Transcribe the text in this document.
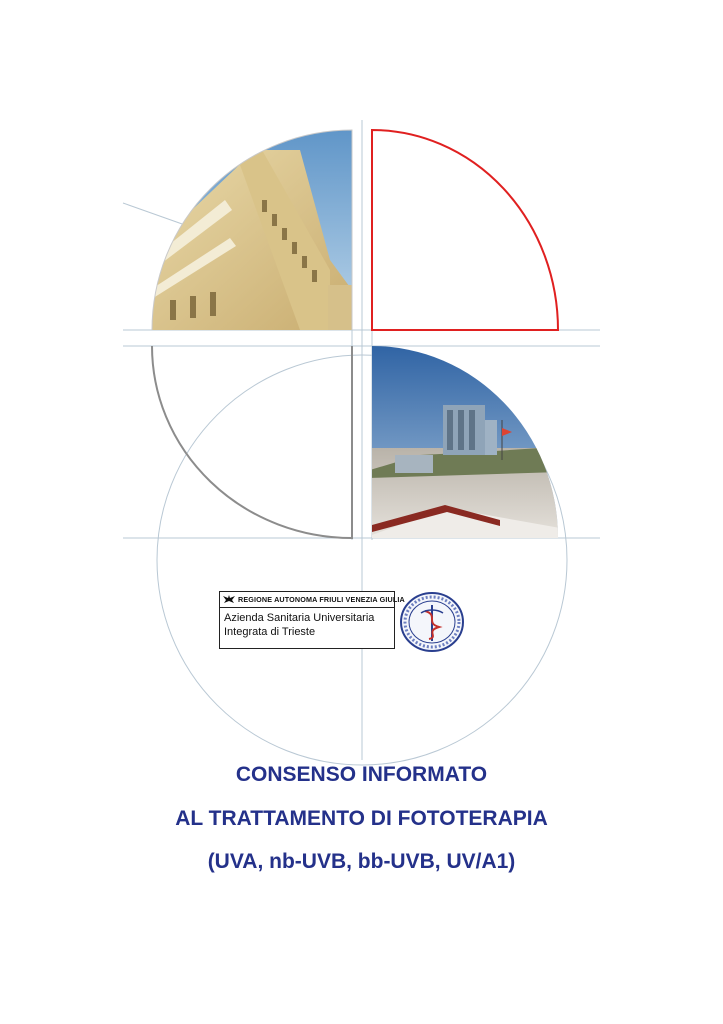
REGIONE AUTONOMA FRIULI VENEZIA GIULIA
Azienda Sanitaria Universitaria
Integrata di Trieste
CONSENSO INFORMATO
AL TRATTAMENTO DI FOTOTERAPIA
(UVA, nb-UVB, bb-UVB, UV/A1)
